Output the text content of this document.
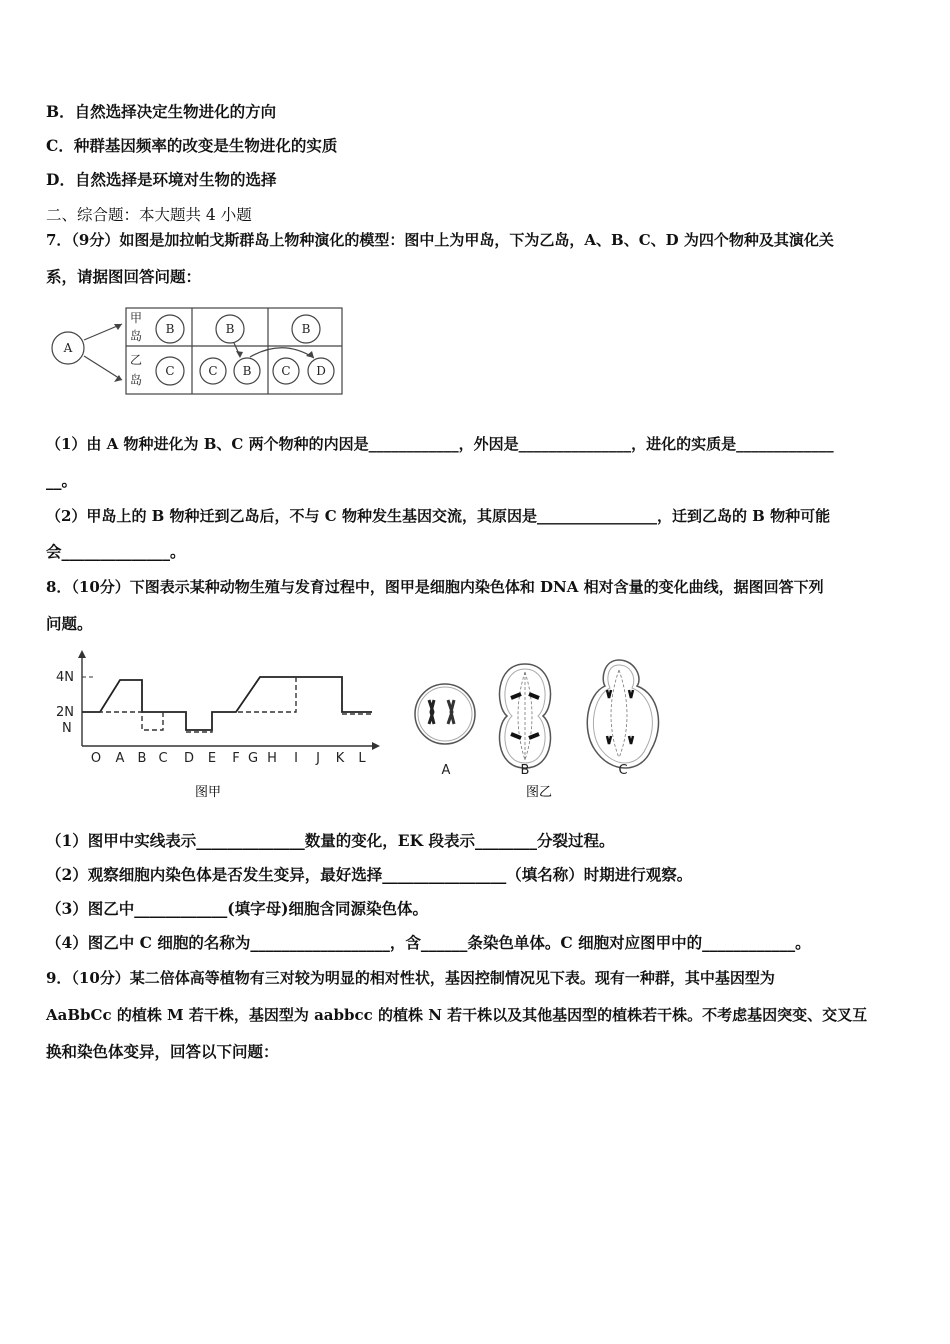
B．自然选择决定生物进化的方向
C．种群基因频率的改变是生物进化的实质
D．自然选择是环境对生物的选择
二、综合题：本大题共 4 小题
7．（9分）如图是加拉帕戈斯群岛上物种演化的模型：图中上为甲岛，下为乙岛，A、B、C、D 为四个物种及其演化关
系，请据图回答问题：
A
甲
岛
乙
岛
B	B	B
C	C B C D
（1）由 A 物种进化为 B、C 两个物种的内因是____________，外因是_______________，进化的实质是_____________
__。
（2）甲岛上的 B 物种迁到乙岛后，不与 C 物种发生基因交流，其原因是________________，迁到乙岛的 B 物种可能
会______________。
8．（10分）下图表示某种动物生殖与发育过程中，图甲是细胞内染色体和 DNA 相对含量的变化曲线，据图回答下列
问题。
4N
2N
N
O A B C D E F G H I J K L
图甲
A	B	C
图乙
（1）图甲中实线表示______________数量的变化，EK 段表示________分裂过程。
（2）观察细胞内染色体是否发生变异，最好选择________________（填名称）时期进行观察。
（3）图乙中____________(填字母)细胞含同源染色体。
（4）图乙中 C 细胞的名称为__________________，含______条染色单体。C 细胞对应图甲中的____________。
9．（10分）某二倍体高等植物有三对较为明显的相对性状，基因控制情况见下表。现有一种群，其中基因型为
AaBbCc 的植株 M 若干株，基因型为 aabbcc 的植株 N 若干株以及其他基因型的植株若干株。不考虑基因突变、交叉互
换和染色体变异，回答以下问题：
